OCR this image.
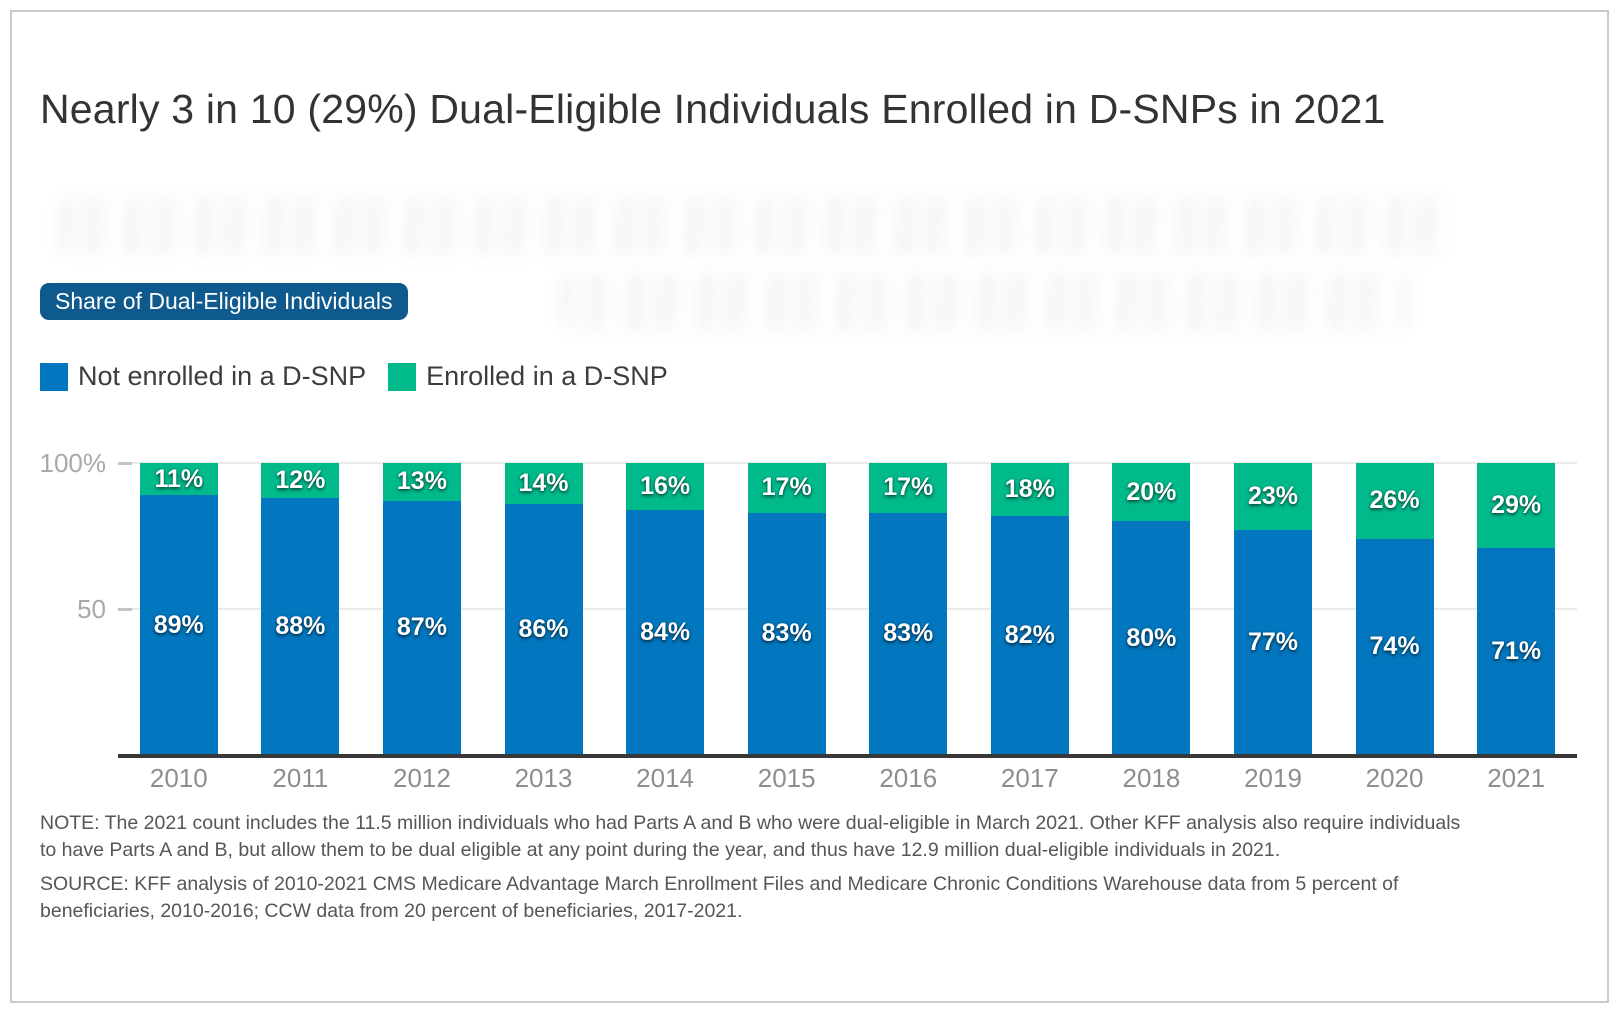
Nearly 3 in 10 (29%) Dual-Eligible Individuals Enrolled in D-SNPs in 2021
Share of Dual-Eligible Individuals
Not enrolled in a D-SNP Enrolled in a D-SNP
11%
89%
12%
88%
13%
87%
14%
86%
16%
84%
17%
83%
17%
83%
18%
82%
20%
80%
23%
77%
26%
74%
29%
71%
2010	2011	2012	2013	2014	2015	2016	2017	2018	2019	2020	2021

NOTE: The 2021 count includes the 11.5 million individuals who had Parts A and B who were dual-eligible in March 2021. Other KFF analysis also require individuals to have Parts A and B, but allow them to be dual eligible at any point during the year, and thus have 12.9 million dual-eligible individuals in 2021.

SOURCE: KFF analysis of 2010-2021 CMS Medicare Advantage March Enrollment Files and Medicare Chronic Conditions Warehouse data from 5 percent of beneficiaries, 2010-2016; CCW data from 20 percent of beneficiaries, 2017-2021.

100%
50
